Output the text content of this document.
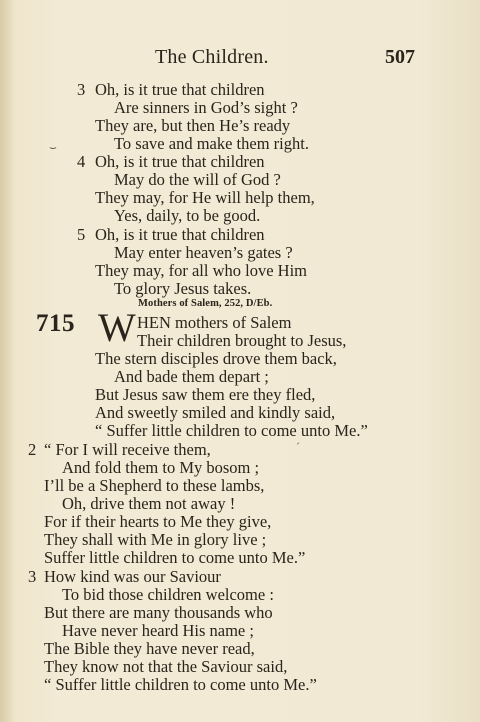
The Children.	507
3 Oh, is it true that children
Are sinners in God’s sight ?
They are, but then He’s ready
To save and make them right.
⌣
4 Oh, is it true that children
May do the will of God ?
They may, for He will help them,
Yes, daily, to be good.
5 Oh, is it true that children
May enter heaven’s gates ?
They may, for all who love Him
To glory Jesus takes.
Mothers of Salem, 252, D/Eb.
715 W HEN mothers of Salem
Their children brought to Jesus,
The stern disciples drove them back,
And bade them depart ;
But Jesus saw them ere they fled,
And sweetly smiled and kindly said,
“ Suffer little children to come unto Me.”
ˊ
2 “ For I will receive them,
And fold them to My bosom ;
I’ll be a Shepherd to these lambs,
Oh, drive them not away !
For if their hearts to Me they give,
They shall with Me in glory live ;
Suffer little children to come unto Me.”
3 How kind was our Saviour
To bid those children welcome :
But there are many thousands who
Have never heard His name ;
The Bible they have never read,
They know not that the Saviour said,
“ Suffer little children to come unto Me.”
